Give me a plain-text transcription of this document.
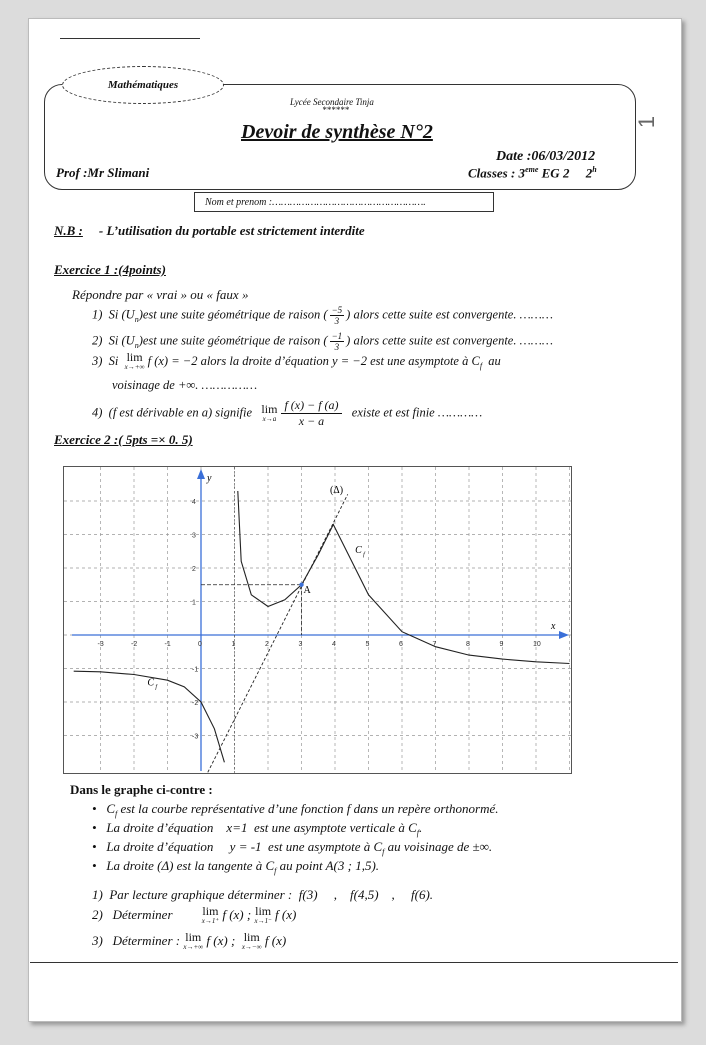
1
Mathématiques
Lycée Secondaire Tinja
******
Devoir de synthèse N°2
Date :06/03/2012
Prof :Mr Slimani	Classes : 3eme EG 2     2$^h$
Nom et prenom :…………………………………………….
N.B : - L’utilisation du portable est strictement interdite
Exercice 1 :(4points)
Répondre par « vrai » ou « faux »
1) Si $(U_n)est$ une suite géométrique de raison ( $\frac{-5}{3}$ ) alors cette suite est convergente. ………
2) Si $(U_n)est$ une suite géométrique de raison ( $\frac{-1}{3}$ ) alors cette suite est convergente. ………
3) Si lim
x→+∞ f (x) = −2 alors la droite d’équation y = −2 est une asymptote à $C_f$ au
voisinage de +∞. ……………
4) (f est dérivable en a) signifie lim
$x\to a \frac{f (x) - f (a)}{x - a}$ existe et est finie …………
Exercice 2 :( 5pts =× 0. 5)
x
y
-3	-2	-1	0	1	2	3	4	5	6	7	8	9	10
-3
-2
-1
1
2
3
4
A
(Δ)
C f
C f
Dans le graphe ci-contre :
•   $C_f$ est la courbe représentative d’une fonction f dans un repère orthonormé.
•   La droite d’équation    x=1  est une asymptote verticale à $C_f$.
•   La droite d’équation     y = -1  est une asymptote à $C_f$ au voisinage de ±∞.
•   La droite (Δ) est la tangente à $C_f$ au point A(3 ; 1,5).
1)  Par lecture graphique déterminer :  f(3)     ,    f(4,5)    ,     f(6).
2)   Déterminer lim
x→1⁺ f (x) ; lim
x→1⁻ f (x)
3)   Déterminer : lim
x→+∞ f (x) ; lim
x→−∞ f (x)
